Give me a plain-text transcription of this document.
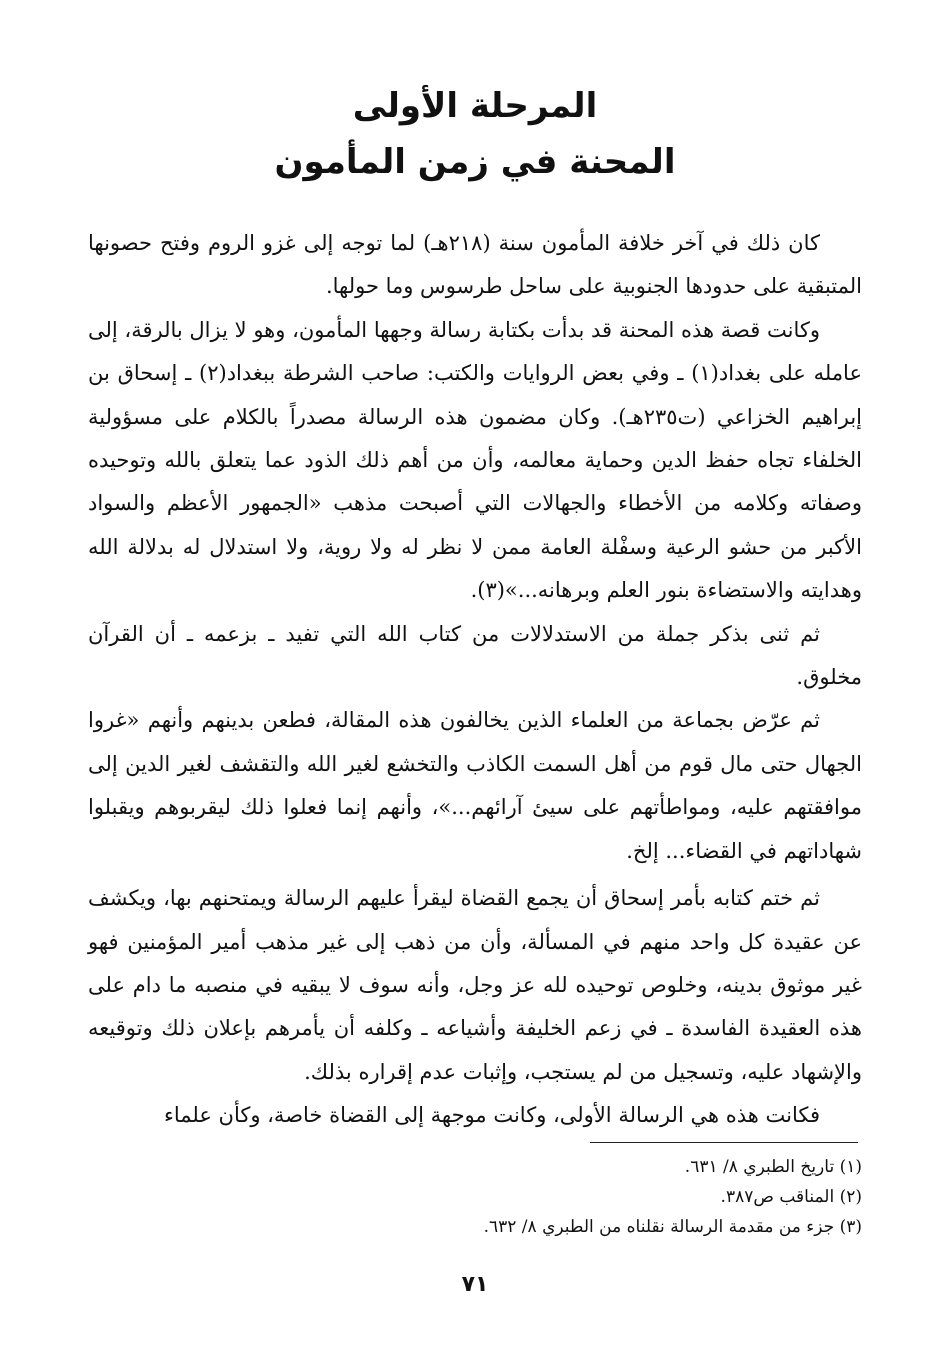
المرحلة الأولى
المحنة في زمن المأمون

كان ذلك في آخر خلافة المأمون سنة (٢١٨هـ) لما توجه إلى غزو الروم وفتح حصونها المتبقية على حدودها الجنوبية على ساحل طرسوس وما حولها.

وكانت قصة هذه المحنة قد بدأت بكتابة رسالة وجهها المأمون، وهو لا يزال بالرقة، إلى عامله على بغداد(١) ـ وفي بعض الروايات والكتب: صاحب الشرطة ببغداد(٢) ـ إسحاق بن إبراهيم الخزاعي (ت٢٣٥هـ). وكان مضمون هذه الرسالة مصدراً بالكلام على مسؤولية الخلفاء تجاه حفظ الدين وحماية معالمه، وأن من أهم ذلك الذود عما يتعلق بالله وتوحيده وصفاته وكلامه من الأخطاء والجهالات التي أصبحت مذهب «الجمهور الأعظم والسواد الأكبر من حشو الرعية وسفْلة العامة ممن لا نظر له ولا روية، ولا استدلال له بدلالة الله وهدايته والاستضاءة بنور العلم وبرهانه...»(٣).

ثم ثنى بذكر جملة من الاستدلالات من كتاب الله التي تفيد ـ بزعمه ـ أن القرآن مخلوق.

ثم عرّض بجماعة من العلماء الذين يخالفون هذه المقالة، فطعن بدينهم وأنهم «غروا الجهال حتى مال قوم من أهل السمت الكاذب والتخشع لغير الله والتقشف لغير الدين إلى موافقتهم عليه، ومواطأتهم على سيئ آرائهم...»، وأنهم إنما فعلوا ذلك ليقربوهم ويقبلوا شهاداتهم في القضاء... إلخ.

ثم ختم كتابه بأمر إسحاق أن يجمع القضاة ليقرأ عليهم الرسالة ويمتحنهم بها، ويكشف عن عقيدة كل واحد منهم في المسألة، وأن من ذهب إلى غير مذهب أمير المؤمنين فهو غير موثوق بدينه، وخلوص توحيده لله عز وجل، وأنه سوف لا يبقيه في منصبه ما دام على هذه العقيدة الفاسدة ـ في زعم الخليفة وأشياعه ـ وكلفه أن يأمرهم بإعلان ذلك وتوقيعه والإشهاد عليه، وتسجيل من لم يستجب، وإثبات عدم إقراره بذلك.

فكانت هذه هي الرسالة الأولى، وكانت موجهة إلى القضاة خاصة، وكأن علماء

(١) تاريخ الطبري ٨/ ٦٣١.
(٢) المناقب ص٣٨٧.
(٣) جزء من مقدمة الرسالة نقلناه من الطبري ٨/ ٦٣٢.
٧١
